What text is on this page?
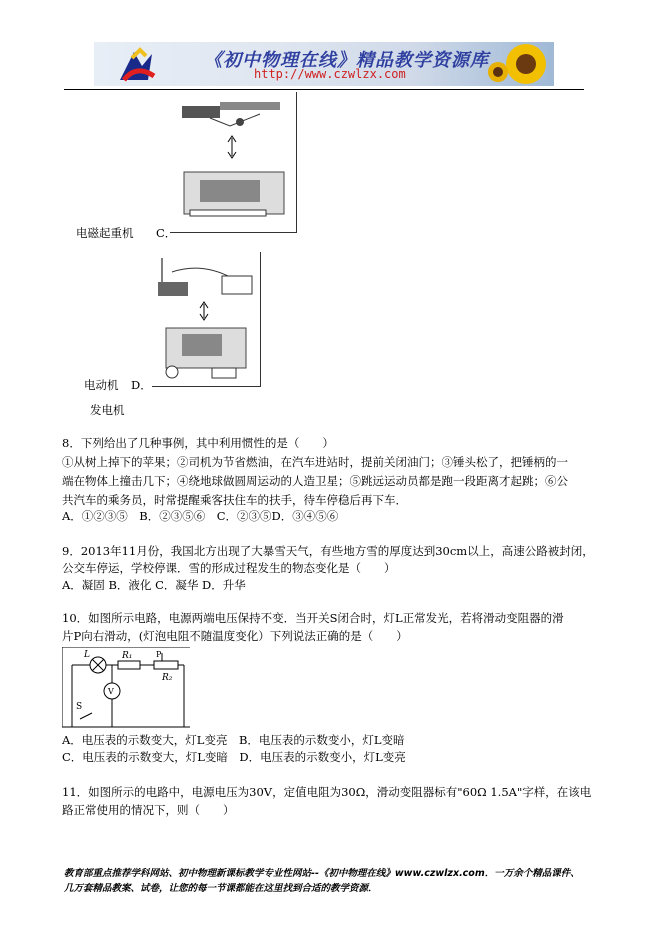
《初中物理在线》精品教学资源库
http://www.czwlzx.com
电磁起重机 C．
电动机 D．
发电机
8．下列给出了几种事例，其中利用惯性的是（　　）
①从树上掉下的苹果；②司机为节省燃油，在汽车进站时，提前关闭油门；③锤头松了，把锤柄的一
端在物体上撞击几下；④绕地球做圆周运动的人造卫星；⑤跳远运动员都是跑一段距离才起跳；⑥公
共汽车的乘务员，时常提醒乘客扶住车的扶手，待车停稳后再下车．
A．①②③⑤　B．②③⑤⑥　C．②③⑤D．③④⑤⑥
9．2013年11月份，我国北方出现了大暴雪天气，有些地方雪的厚度达到30cm以上，高速公路被封闭，
公交车停运，学校停课．雪的形成过程发生的物态变化是（　　）
A．凝固 B．液化 C．凝华 D．升华
10．如图所示电路，电源两端电压保持不变．当开关S闭合时，灯L正常发光，若将滑动变阻器的滑
片P向右滑动，(灯泡电阻不随温度变化）下列说法正确的是（　　）
L	R₁	P
R₂
V
S
A．电压表的示数变大，灯L变亮　B．电压表的示数变小，灯L变暗
C．电压表的示数变大，灯L变暗　D．电压表的示数变小，灯L变亮
11．如图所示的电路中，电源电压为30V，定值电阻为30Ω，滑动变阻器标有"60Ω 1.5A"字样，在该电
路正常使用的情况下，则（　　）
教育部重点推荐学科网站、初中物理新课标教学专业性网站--《初中物理在线》www.czwlzx.com．一万余个精品课件、
几万套精品教案、试卷，让您的每一节课都能在这里找到合适的教学资源．
